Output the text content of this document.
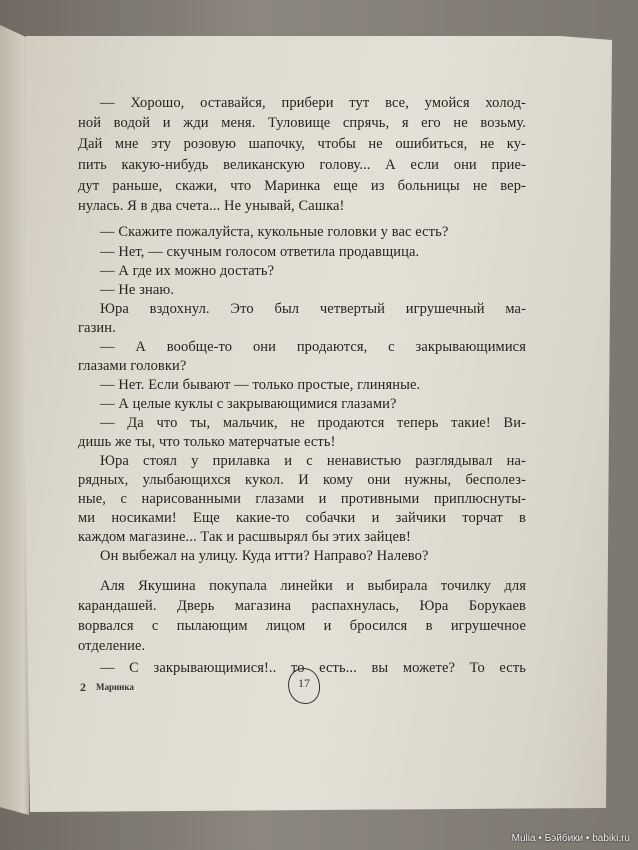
— Хорошо, оставайся, прибери тут все, умойся холод-
ной водой и жди меня. Туловище спрячь, я его не возьму.
Дай мне эту розовую шапочку, чтобы не ошибиться, не ку-
пить какую-нибудь великанскую голову... А если они прие-
дут раньше, скажи, что Маринка еще из больницы не вер-
нулась. Я в два счета... Не унывай, Сашка!
— Скажите пожалуйста, кукольные головки у вас есть?
— Нет, — скучным голосом ответила продавщица.
— А где их можно достать?
— Не знаю.
Юра вздохнул. Это был четвертый игрушечный ма-
газин.
— А вообще-то они продаются, с закрывающимися
глазами головки?
— Нет. Если бывают — только простые, глиняные.
— А целые куклы с закрывающимися глазами?
— Да что ты, мальчик, не продаются теперь такие! Ви-
дишь же ты, что только матерчатые есть!
Юра стоял у прилавка и с ненавистью разглядывал на-
рядных, улыбающихся кукол. И кому они нужны, бесполез-
ные, с нарисованными глазами и противными приплюснуты-
ми носиками! Еще какие-то собачки и зайчики торчат в
каждом магазине... Так и расшвырял бы этих зайцев!
Он выбежал на улицу. Куда итти? Направо? Налево?
Аля Якушина покупала линейки и выбирала точилку для
карандашей. Дверь магазина распахнулась, Юра Борукаев
ворвался с пылающим лицом и бросился в игрушечное
отделение.
— С закрывающимися!.. то есть... вы можете? То есть
2 Маринка	17
Mulia • Бэйбики • babiki.ru
